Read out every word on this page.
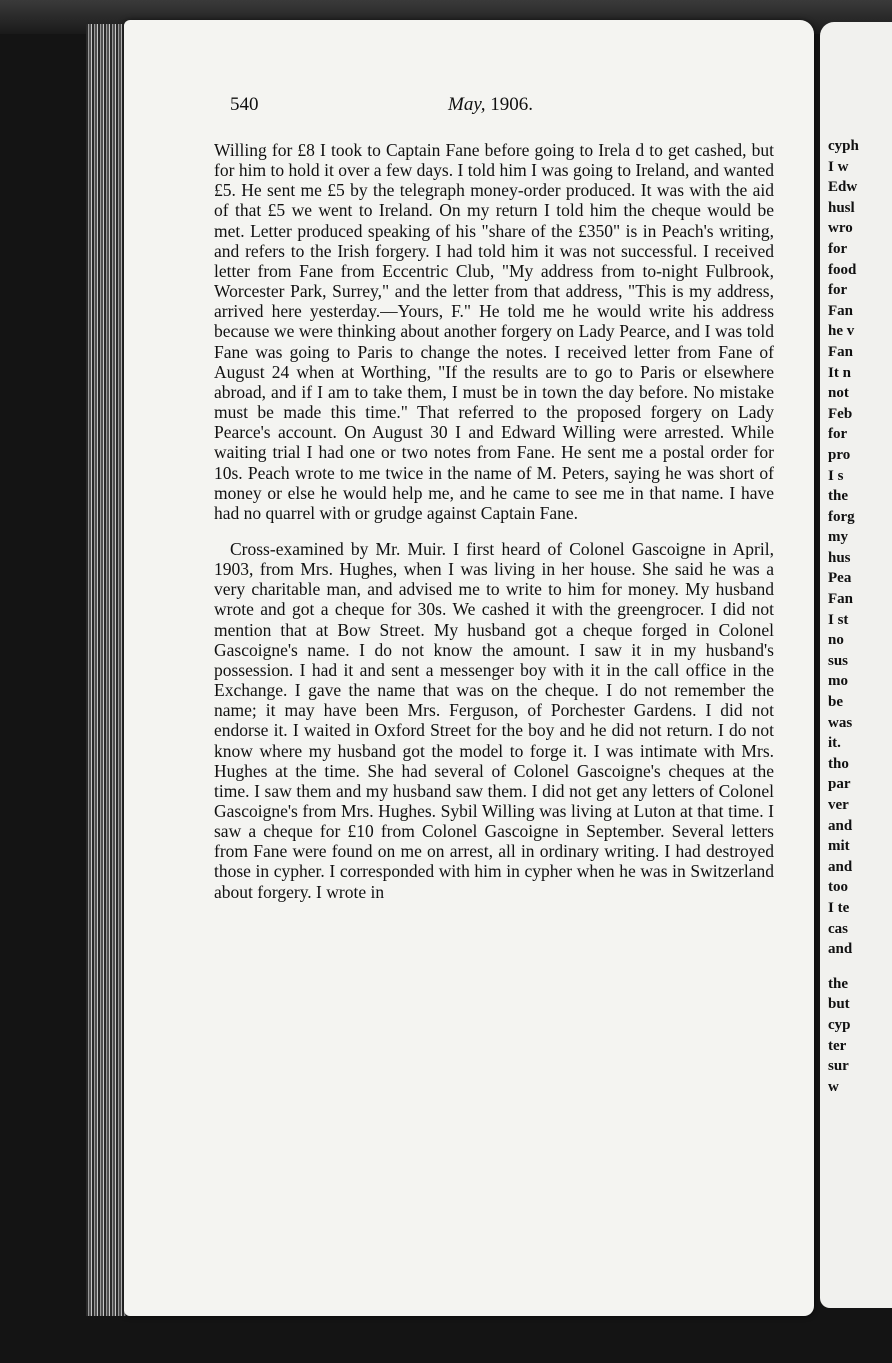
540	May, 1906.

Willing for £8 I took to Captain Fane before going to Irela d to get cashed, but for him to hold it over a few days. I told him I was going to Ireland, and wanted £5. He sent me £5 by the telegraph money-order produced. It was with the aid of that £5 we went to Ireland. On my return I told him the cheque would be met. Letter produced speaking of his "share of the £350" is in Peach's writing, and refers to the Irish forgery. I had told him it was not successful. I received letter from Fane from Eccentric Club, "My address from to-night Fulbrook, Worcester Park, Surrey," and the letter from that address, "This is my address, arrived here yesterday.—Yours, F." He told me he would write his address because we were thinking about another forgery on Lady Pearce, and I was told Fane was going to Paris to change the notes. I received letter from Fane of August 24 when at Worthing, "If the results are to go to Paris or elsewhere abroad, and if I am to take them, I must be in town the day before. No mistake must be made this time." That referred to the proposed forgery on Lady Pearce's account. On August 30 I and Edward Willing were arrested. While waiting trial I had one or two notes from Fane. He sent me a postal order for 10s. Peach wrote to me twice in the name of M. Peters, saying he was short of money or else he would help me, and he came to see me in that name. I have had no quarrel with or grudge against Captain Fane.

Cross-examined by Mr. Muir. I first heard of Colonel Gascoigne in April, 1903, from Mrs. Hughes, when I was living in her house. She said he was a very charitable man, and advised me to write to him for money. My husband wrote and got a cheque for 30s. We cashed it with the greengrocer. I did not mention that at Bow Street. My husband got a cheque forged in Colonel Gascoigne's name. I do not know the amount. I saw it in my husband's possession. I had it and sent a messenger boy with it in the call office in the Exchange. I gave the name that was on the cheque. I do not remember the name; it may have been Mrs. Ferguson, of Porchester Gardens. I did not endorse it. I waited in Oxford Street for the boy and he did not return. I do not know where my husband got the model to forge it. I was intimate with Mrs. Hughes at the time. She had several of Colonel Gascoigne's cheques at the time. I saw them and my husband saw them. I did not get any letters of Colonel Gascoigne's from Mrs. Hughes. Sybil Willing was living at Luton at that time. I saw a cheque for £10 from Colonel Gascoigne in September. Several letters from Fane were found on me on arrest, all in ordinary writing. I had destroyed those in cypher. I corresponded with him in cypher when he was in Switzerland about forgery. I wrote in

cyph
I w
Edw
husl
wro
for
food
for
Fan
he v
Fan
It n
not
Feb
for
pro
I s
the
forg
my
hus
Pea
Fan
I st
no
sus
mo
be
was
it.
tho
par
ver
and
mit
and
too
I te
cas
and
the
but
cyp
ter
sur
w
